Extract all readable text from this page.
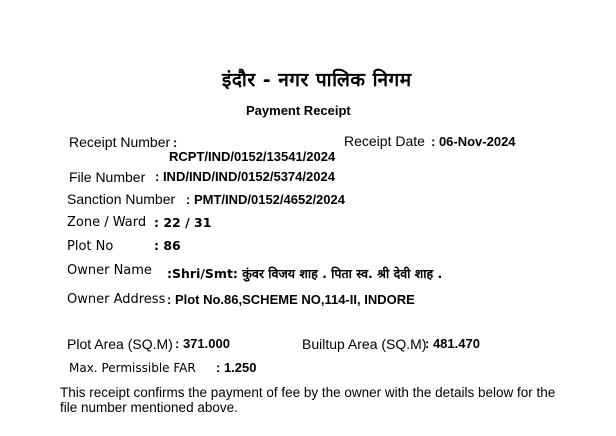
इंदौर - नगर पालिक निगम
Payment Receipt
Receipt Number :
RCPT/IND/0152/13541/2024
Receipt Date : 06-Nov-2024
File Number : IND/IND/IND/0152/5374/2024
Sanction Number : PMT/IND/0152/4652/2024
Zone / Ward : 22 / 31
Plot No	: 86
Owner Name :Shri/Smt: कुंवर विजय शाह . पिता स्व. श्री देवी शाह .
Owner Address : Plot No.86,SCHEME NO,114-II, INDORE
Plot Area (SQ.M) : 371.000	Builtup Area (SQ.M)
: 481.470
Max. Permissible FAR : 1.250
This receipt confirms the payment of fee by the owner with the details below for the file number mentioned above.
